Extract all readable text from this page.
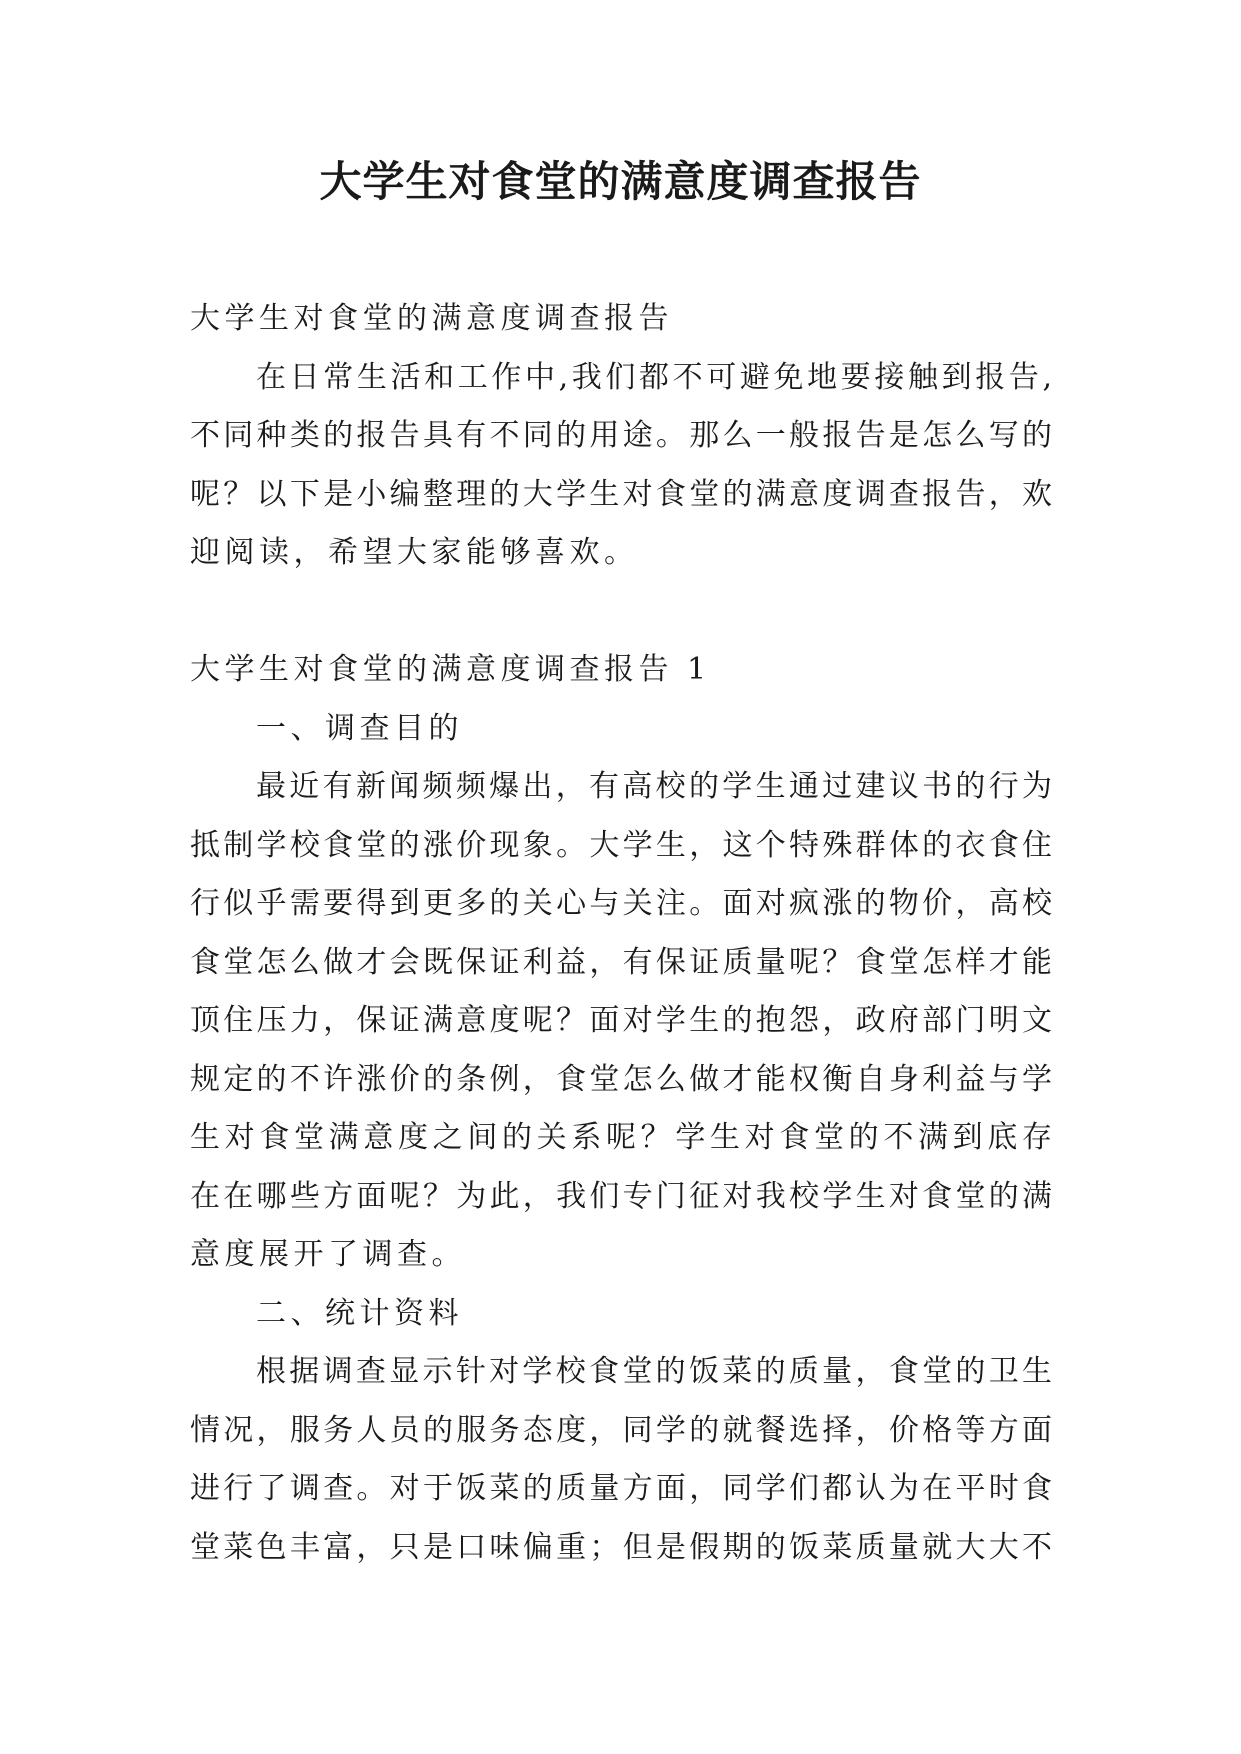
大学生对食堂的满意度调查报告

大学生对食堂的满意度调查报告

在日常生活和工作中,我们都不可避免地要接触到报告,

不同种类的报告具有不同的用途。那么一般报告是怎么写的

呢？以下是小编整理的大学生对食堂的满意度调查报告，欢

迎阅读，希望大家能够喜欢。

大学生对食堂的满意度调查报告 1

一、调查目的

最近有新闻频频爆出，有高校的学生通过建议书的行为

抵制学校食堂的涨价现象。大学生，这个特殊群体的衣食住

行似乎需要得到更多的关心与关注。面对疯涨的物价，高校

食堂怎么做才会既保证利益，有保证质量呢？食堂怎样才能

顶住压力，保证满意度呢？面对学生的抱怨，政府部门明文

规定的不许涨价的条例，食堂怎么做才能权衡自身利益与学

生对食堂满意度之间的关系呢？学生对食堂的不满到底存

在在哪些方面呢？为此，我们专门征对我校学生对食堂的满

意度展开了调查。

二、统计资料

根据调查显示针对学校食堂的饭菜的质量，食堂的卫生

情况，服务人员的服务态度，同学的就餐选择，价格等方面

进行了调查。对于饭菜的质量方面，同学们都认为在平时食

堂菜色丰富，只是口味偏重；但是假期的饭菜质量就大大不
